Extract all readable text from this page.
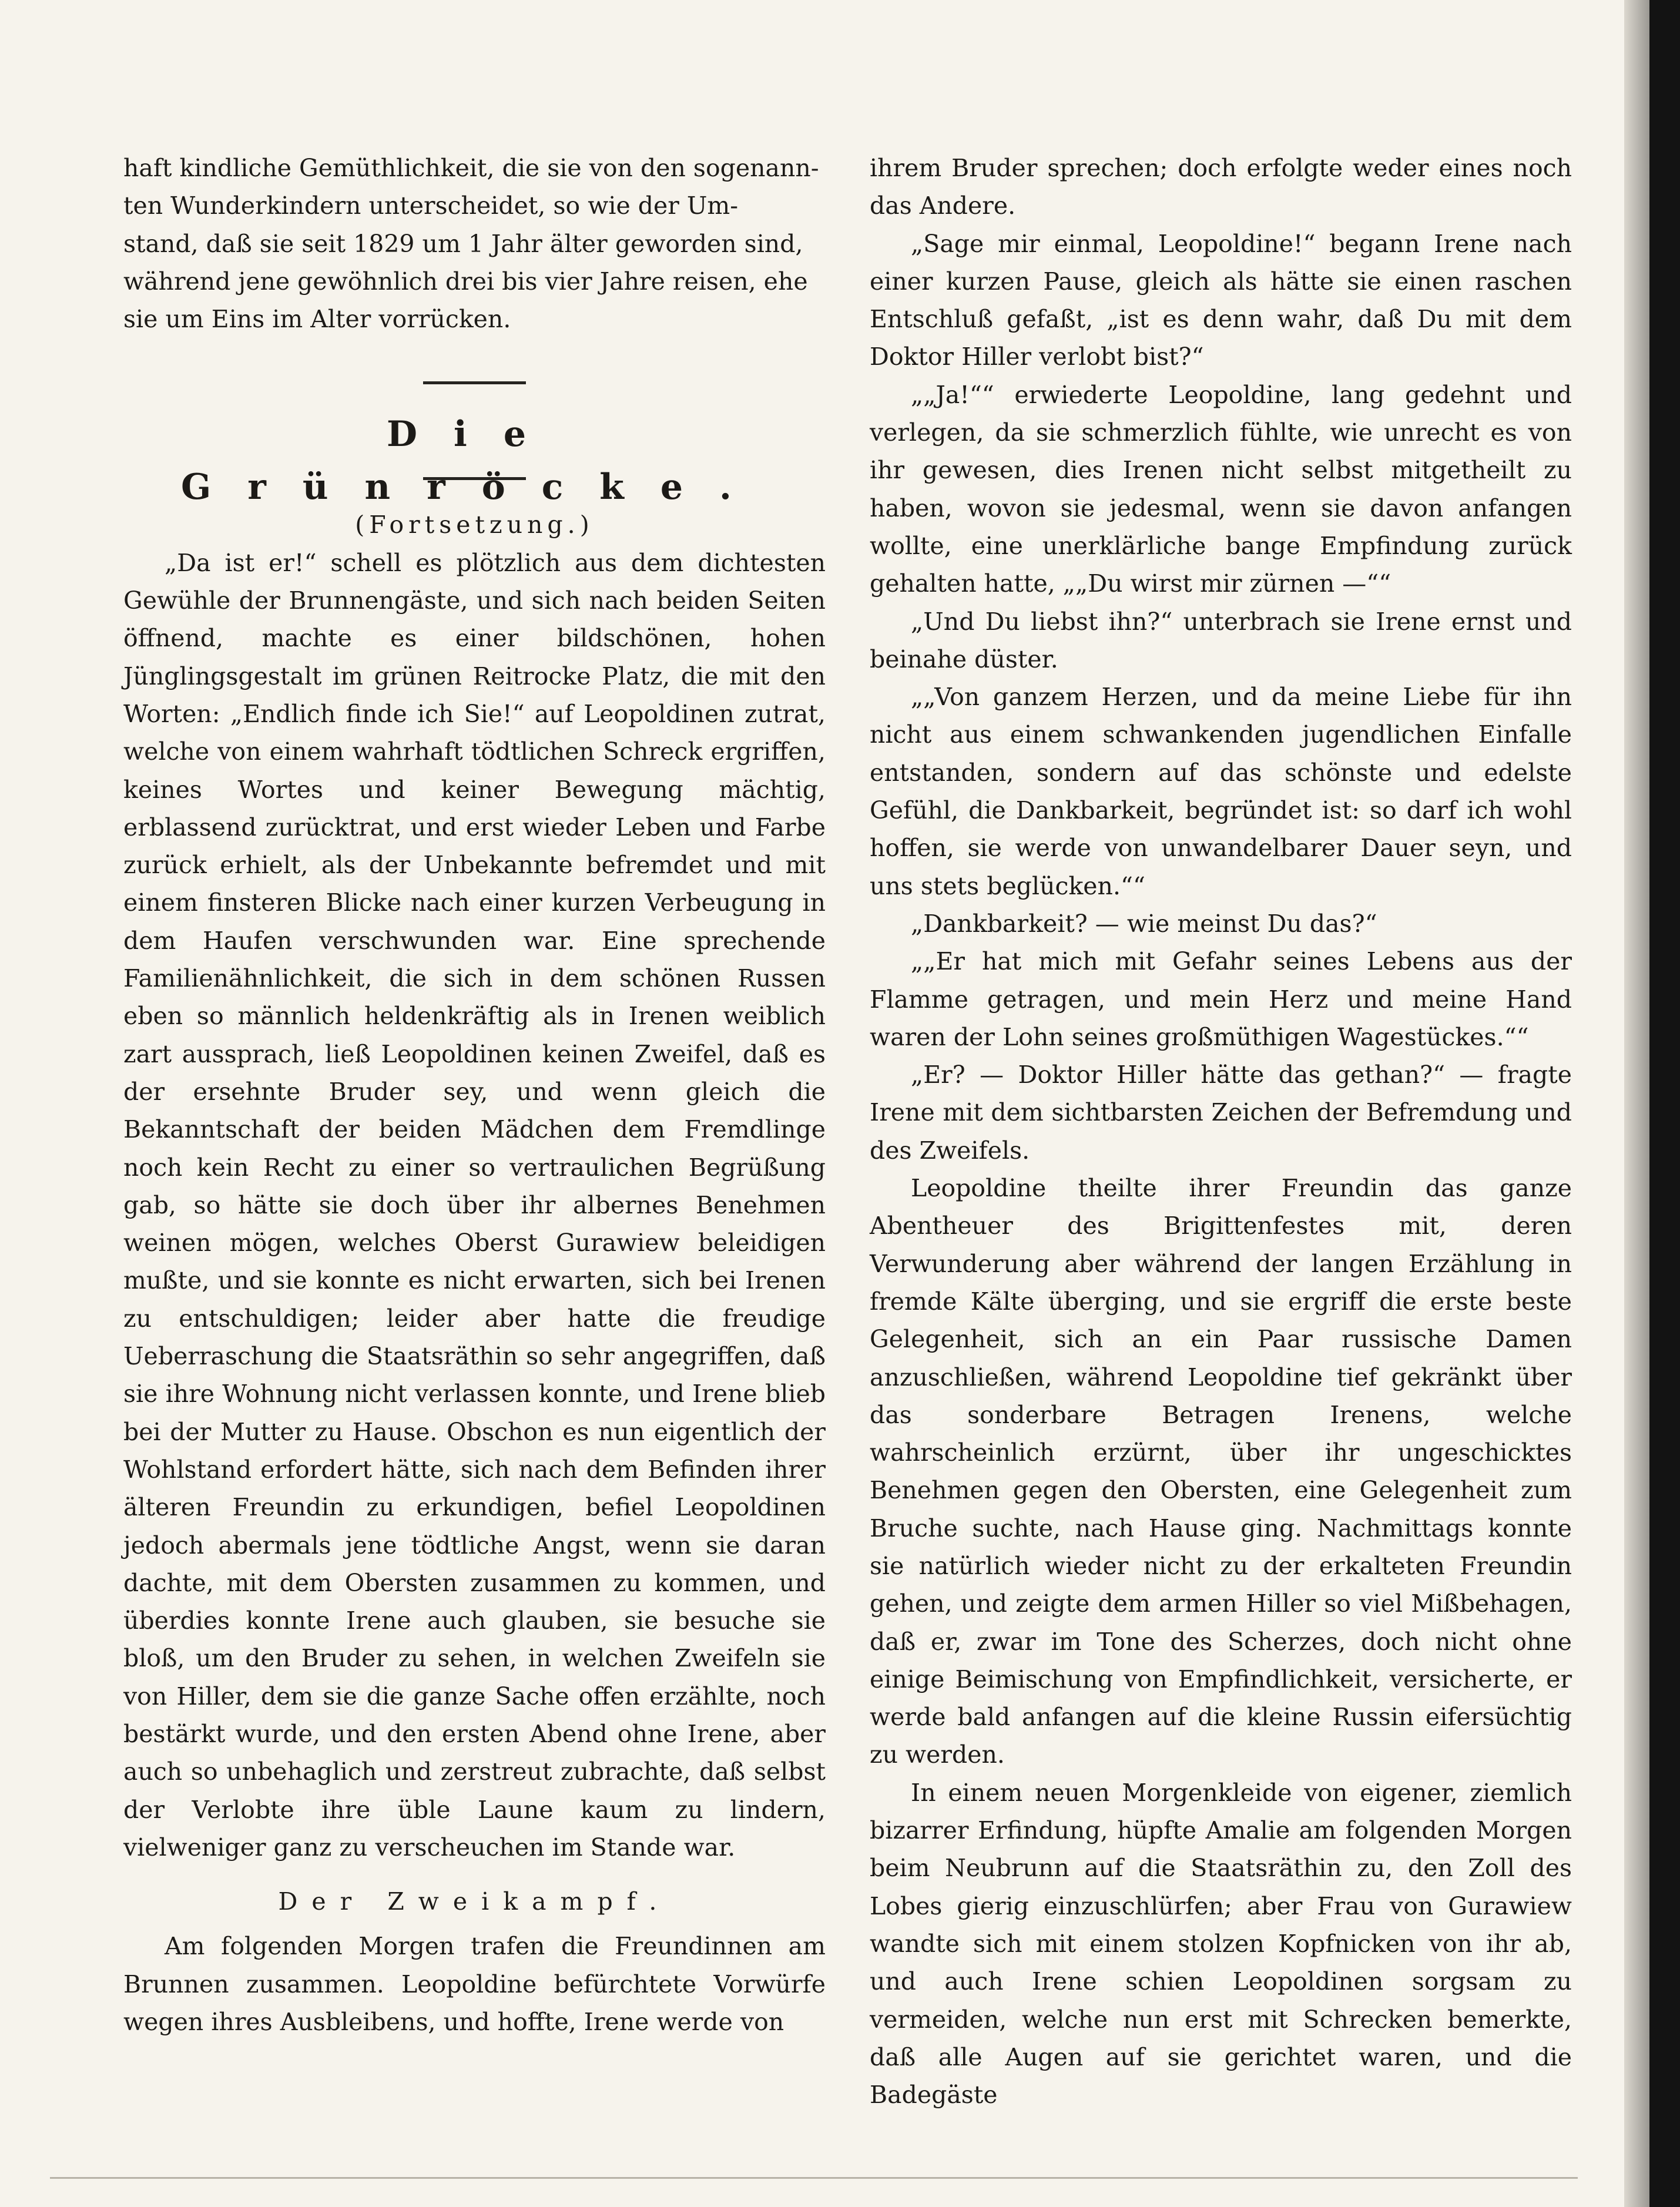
haft kindliche Gemüthlichkeit, die sie von den sogenann-
ten Wunderkindern unterscheidet, so wie der Um-
stand, daß sie seit 1829 um 1 Jahr älter geworden sind,
während jene gewöhnlich drei bis vier Jahre reisen, ehe
sie um Eins im Alter vorrücken.
Die Grünröcke.

(Fortsetzung.)

„Da ist er!“ schell es plötzlich aus dem dichtesten Gewühle der Brunnengäste, und sich nach beiden Seiten öffnend, machte es einer bildschönen, hohen Jünglingsgestalt im grünen Reitrocke Platz, die mit den Worten: „Endlich finde ich Sie!“ auf Leopoldinen zutrat, welche von einem wahrhaft tödtlichen Schreck ergriffen, keines Wortes und keiner Bewegung mächtig, erblassend zurücktrat, und erst wieder Leben und Farbe zurück erhielt, als der Unbekannte befremdet und mit einem finsteren Blicke nach einer kurzen Verbeugung in dem Haufen verschwunden war. Eine sprechende Familienähnlichkeit, die sich in dem schönen Russen eben so männlich heldenkräftig als in Irenen weiblich zart aussprach, ließ Leopoldinen keinen Zweifel, daß es der ersehnte Bruder sey, und wenn gleich die Bekanntschaft der beiden Mädchen dem Fremdlinge noch kein Recht zu einer so vertraulichen Begrüßung gab, so hätte sie doch über ihr albernes Benehmen weinen mögen, welches Oberst Gurawiew beleidigen mußte, und sie konnte es nicht erwarten, sich bei Irenen zu entschuldigen; leider aber hatte die freudige Ueberraschung die Staatsräthin so sehr angegriffen, daß sie ihre Wohnung nicht verlassen konnte, und Irene blieb bei der Mutter zu Hause. Obschon es nun eigentlich der Wohlstand erfordert hätte, sich nach dem Befinden ihrer älteren Freundin zu erkundigen, befiel Leopoldinen jedoch abermals jene tödtliche Angst, wenn sie daran dachte, mit dem Obersten zusammen zu kommen, und überdies konnte Irene auch glauben, sie besuche sie bloß, um den Bruder zu sehen, in welchen Zweifeln sie von Hiller, dem sie die ganze Sache offen erzählte, noch bestärkt wurde, und den ersten Abend ohne Irene, aber auch so unbehaglich und zerstreut zubrachte, daß selbst der Verlobte ihre üble Laune kaum zu lindern, vielweniger ganz zu verscheuchen im Stande war.

Der Zweikampf.

Am folgenden Morgen trafen die Freundinnen am Brunnen zusammen. Leopoldine befürchtete Vorwürfe wegen ihres Ausbleibens, und hoffte, Irene werde von

ihrem Bruder sprechen; doch erfolgte weder eines noch das Andere.

„Sage mir einmal, Leopoldine!“ begann Irene nach einer kurzen Pause, gleich als hätte sie einen raschen Entschluß gefaßt, „ist es denn wahr, daß Du mit dem Doktor Hiller verlobt bist?“

„„Ja!““ erwiederte Leopoldine, lang gedehnt und verlegen, da sie schmerzlich fühlte, wie unrecht es von ihr gewesen, dies Irenen nicht selbst mitgetheilt zu haben, wovon sie jedesmal, wenn sie davon anfangen wollte, eine unerklärliche bange Empfindung zurück gehalten hatte, „„Du wirst mir zürnen —““

„Und Du liebst ihn?“ unterbrach sie Irene ernst und beinahe düster.

„„Von ganzem Herzen, und da meine Liebe für ihn nicht aus einem schwankenden jugendlichen Einfalle entstanden, sondern auf das schönste und edelste Gefühl, die Dankbarkeit, begründet ist: so darf ich wohl hoffen, sie werde von unwandelbarer Dauer seyn, und uns stets beglücken.““

„Dankbarkeit? — wie meinst Du das?“

„„Er hat mich mit Gefahr seines Lebens aus der Flamme getragen, und mein Herz und meine Hand waren der Lohn seines großmüthigen Wagestückes.““

„Er? — Doktor Hiller hätte das gethan?“ — fragte Irene mit dem sichtbarsten Zeichen der Befremdung und des Zweifels.

Leopoldine theilte ihrer Freundin das ganze Abentheuer des Brigittenfestes mit, deren Verwunderung aber während der langen Erzählung in fremde Kälte überging, und sie ergriff die erste beste Gelegenheit, sich an ein Paar russische Damen anzuschließen, während Leopoldine tief gekränkt über das sonderbare Betragen Irenens, welche wahrscheinlich erzürnt, über ihr ungeschicktes Benehmen gegen den Obersten, eine Gelegenheit zum Bruche suchte, nach Hause ging. Nachmittags konnte sie natürlich wieder nicht zu der erkalteten Freundin gehen, und zeigte dem armen Hiller so viel Mißbehagen, daß er, zwar im Tone des Scherzes, doch nicht ohne einige Beimischung von Empfindlichkeit, versicherte, er werde bald anfangen auf die kleine Russin eifersüchtig zu werden.

In einem neuen Morgenkleide von eigener, ziemlich bizarrer Erfindung, hüpfte Amalie am folgenden Morgen beim Neubrunn auf die Staatsräthin zu, den Zoll des Lobes gierig einzuschlürfen; aber Frau von Gurawiew wandte sich mit einem stolzen Kopfnicken von ihr ab, und auch Irene schien Leopoldinen sorgsam zu vermeiden, welche nun erst mit Schrecken bemerkte, daß alle Augen auf sie gerichtet waren, und die Badegäste
